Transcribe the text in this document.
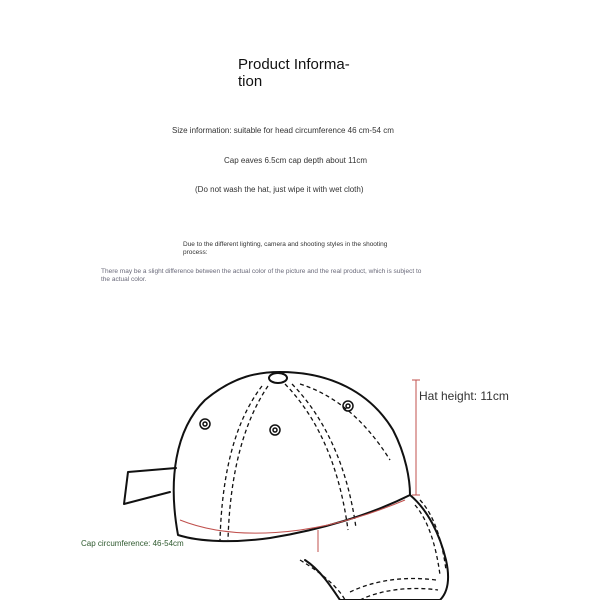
Product Informa-
tion
Size information: suitable for head circumference 46 cm-54 cm
Cap eaves 6.5cm cap depth about 11cm
(Do not wash the hat, just wipe it with wet cloth)
Due to the different lighting, camera and shooting styles in the shooting
process:
There may be a slight difference between the actual color of the picture and the real product, which is subject to
the actual color.
Hat height: 11cm
Cap circumference: 46-54cm
